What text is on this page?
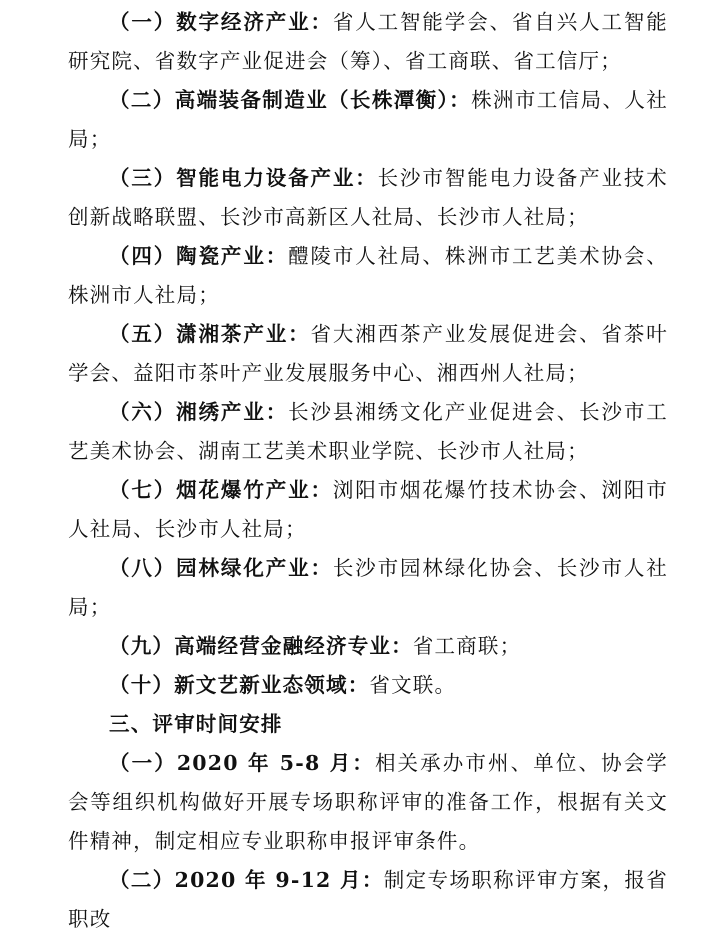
（一）数字经济产业：省人工智能学会、省自兴人工智能研究院、省数字产业促进会（筹）、省工商联、省工信厅；

（二）高端装备制造业（长株潭衡）：株洲市工信局、人社局；

（三）智能电力设备产业：长沙市智能电力设备产业技术创新战略联盟、长沙市高新区人社局、长沙市人社局；

（四）陶瓷产业：醴陵市人社局、株洲市工艺美术协会、株洲市人社局；

（五）潇湘茶产业：省大湘西茶产业发展促进会、省茶叶学会、益阳市茶叶产业发展服务中心、湘西州人社局；

（六）湘绣产业：长沙县湘绣文化产业促进会、长沙市工艺美术协会、湖南工艺美术职业学院、长沙市人社局；

（七）烟花爆竹产业：浏阳市烟花爆竹技术协会、浏阳市人社局、长沙市人社局；

（八）园林绿化产业：长沙市园林绿化协会、长沙市人社局；

（九）高端经营金融经济专业：省工商联；

（十）新文艺新业态领域：省文联。

三、评审时间安排

（一）2020 年 5-8 月：相关承办市州、单位、协会学会等组织机构做好开展专场职称评审的准备工作，根据有关文件精神，制定相应专业职称申报评审条件。

（二）2020 年 9-12 月：制定专场职称评审方案，报省职改
